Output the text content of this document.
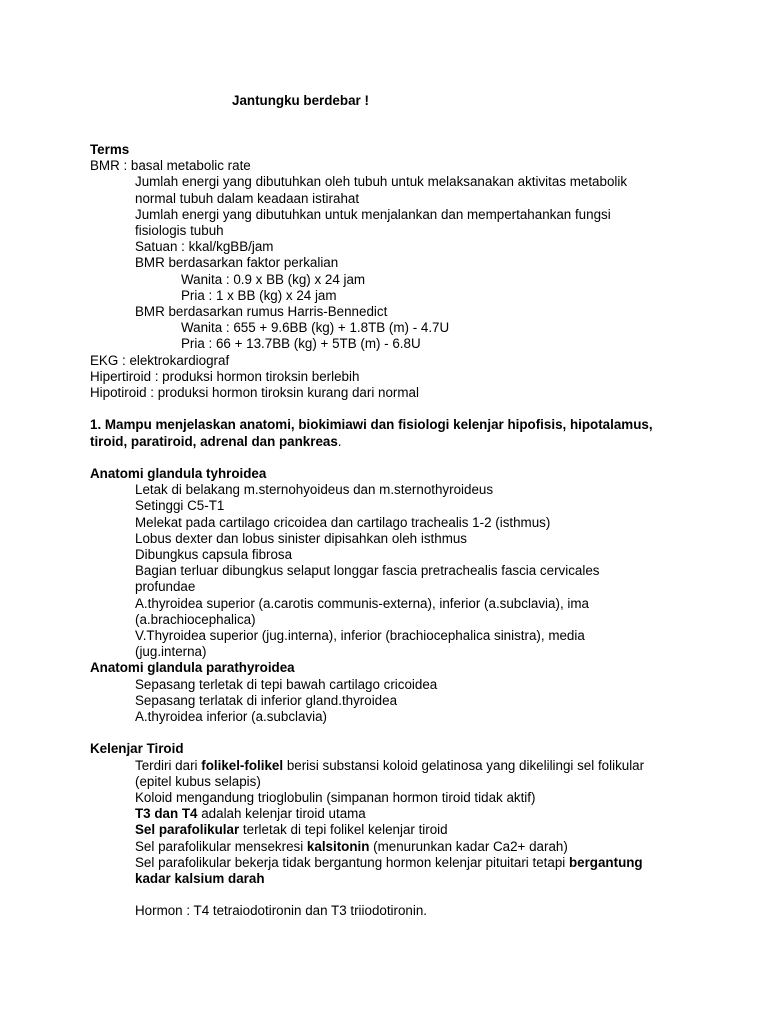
Jantungku berdebar !
Terms
BMR : basal metabolic rate
Jumlah energi yang dibutuhkan oleh tubuh untuk melaksanakan aktivitas metabolik
normal tubuh dalam keadaan istirahat
Jumlah energi yang dibutuhkan untuk menjalankan dan mempertahankan fungsi
fisiologis tubuh
Satuan : kkal/kgBB/jam
BMR berdasarkan faktor perkalian
Wanita : 0.9 x BB (kg) x 24 jam
Pria : 1 x BB (kg) x 24 jam
BMR berdasarkan rumus Harris-Bennedict
Wanita : 655 + 9.6BB (kg) + 1.8TB (m) - 4.7U
Pria : 66 + 13.7BB (kg) + 5TB (m) - 6.8U
EKG : elektrokardiograf
Hipertiroid : produksi hormon tiroksin berlebih
Hipotiroid : produksi hormon tiroksin kurang dari normal
1. Mampu menjelaskan anatomi, biokimiawi dan fisiologi kelenjar hipofisis, hipotalamus,
tiroid, paratiroid, adrenal dan pankreas.
Anatomi glandula tyhroidea
Letak di belakang m.sternohyoideus dan m.sternothyroideus
Setinggi C5-T1
Melekat pada cartilago cricoidea dan cartilago trachealis 1-2 (isthmus)
Lobus dexter dan lobus sinister dipisahkan oleh isthmus
Dibungkus capsula fibrosa
Bagian terluar dibungkus selaput longgar fascia pretrachealis fascia cervicales
profundae
A.thyroidea superior (a.carotis communis-externa), inferior (a.subclavia), ima
(a.brachiocephalica)
V.Thyroidea superior (jug.interna), inferior (brachiocephalica sinistra), media
(jug.interna)
Anatomi glandula parathyroidea
Sepasang terletak di tepi bawah cartilago cricoidea
Sepasang terlatak di inferior gland.thyroidea
A.thyroidea inferior (a.subclavia)
Kelenjar Tiroid
Terdiri dari folikel-folikel berisi substansi koloid gelatinosa yang dikelilingi sel folikular
(epitel kubus selapis)
Koloid mengandung trioglobulin (simpanan hormon tiroid tidak aktif)
T3 dan T4 adalah kelenjar tiroid utama
Sel parafolikular terletak di tepi folikel kelenjar tiroid
Sel parafolikular mensekresi kalsitonin (menurunkan kadar Ca2+ darah)
Sel parafolikular bekerja tidak bergantung hormon kelenjar pituitari tetapi bergantung
kadar kalsium darah
Hormon : T4 tetraiodotironin dan T3 triiodotironin.
